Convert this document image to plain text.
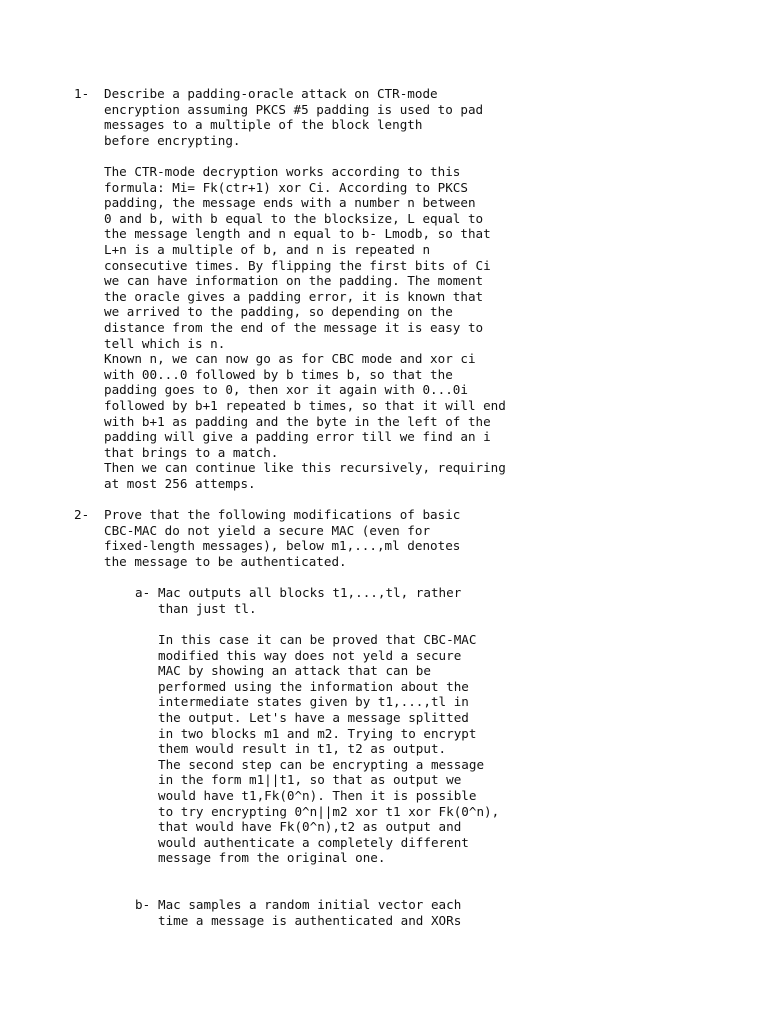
1- Describe a padding-oracle attack on CTR-mode
encryption assuming PKCS #5 padding is used to pad
messages to a multiple of the block length
before encrypting.
The CTR-mode decryption works according to this
formula: Mi= Fk(ctr+1) xor Ci. According to PKCS
padding, the message ends with a number n between
0 and b, with b equal to the blocksize, L equal to
the message length and n equal to b- Lmodb, so that
L+n is a multiple of b, and n is repeated n
consecutive times. By flipping the first bits of Ci
we can have information on the padding. The moment
the oracle gives a padding error, it is known that
we arrived to the padding, so depending on the
distance from the end of the message it is easy to
tell which is n.
Known n, we can now go as for CBC mode and xor ci
with 00...0 followed by b times b, so that the
padding goes to 0, then xor it again with 0...0i
followed by b+1 repeated b times, so that it will end
with b+1 as padding and the byte in the left of the
padding will give a padding error till we find an i
that brings to a match.
Then we can continue like this recursively, requiring
at most 256 attemps.
2- Prove that the following modifications of basic
CBC-MAC do not yield a secure MAC (even for
fixed-length messages), below m1,...,ml denotes
the message to be authenticated.
a- Mac outputs all blocks t1,...,tl, rather
than just tl.
In this case it can be proved that CBC-MAC
modified this way does not yeld a secure
MAC by showing an attack that can be
performed using the information about the
intermediate states given by t1,...,tl in
the output. Let's have a message splitted
in two blocks m1 and m2. Trying to encrypt
them would result in t1, t2 as output.
The second step can be encrypting a message
in the form m1||t1, so that as output we
would have t1,Fk(0^n). Then it is possible
to try encrypting 0^n||m2 xor t1 xor Fk(0^n),
that would have Fk(0^n),t2 as output and
would authenticate a completely different
message from the original one.
b- Mac samples a random initial vector each
time a message is authenticated and XORs
